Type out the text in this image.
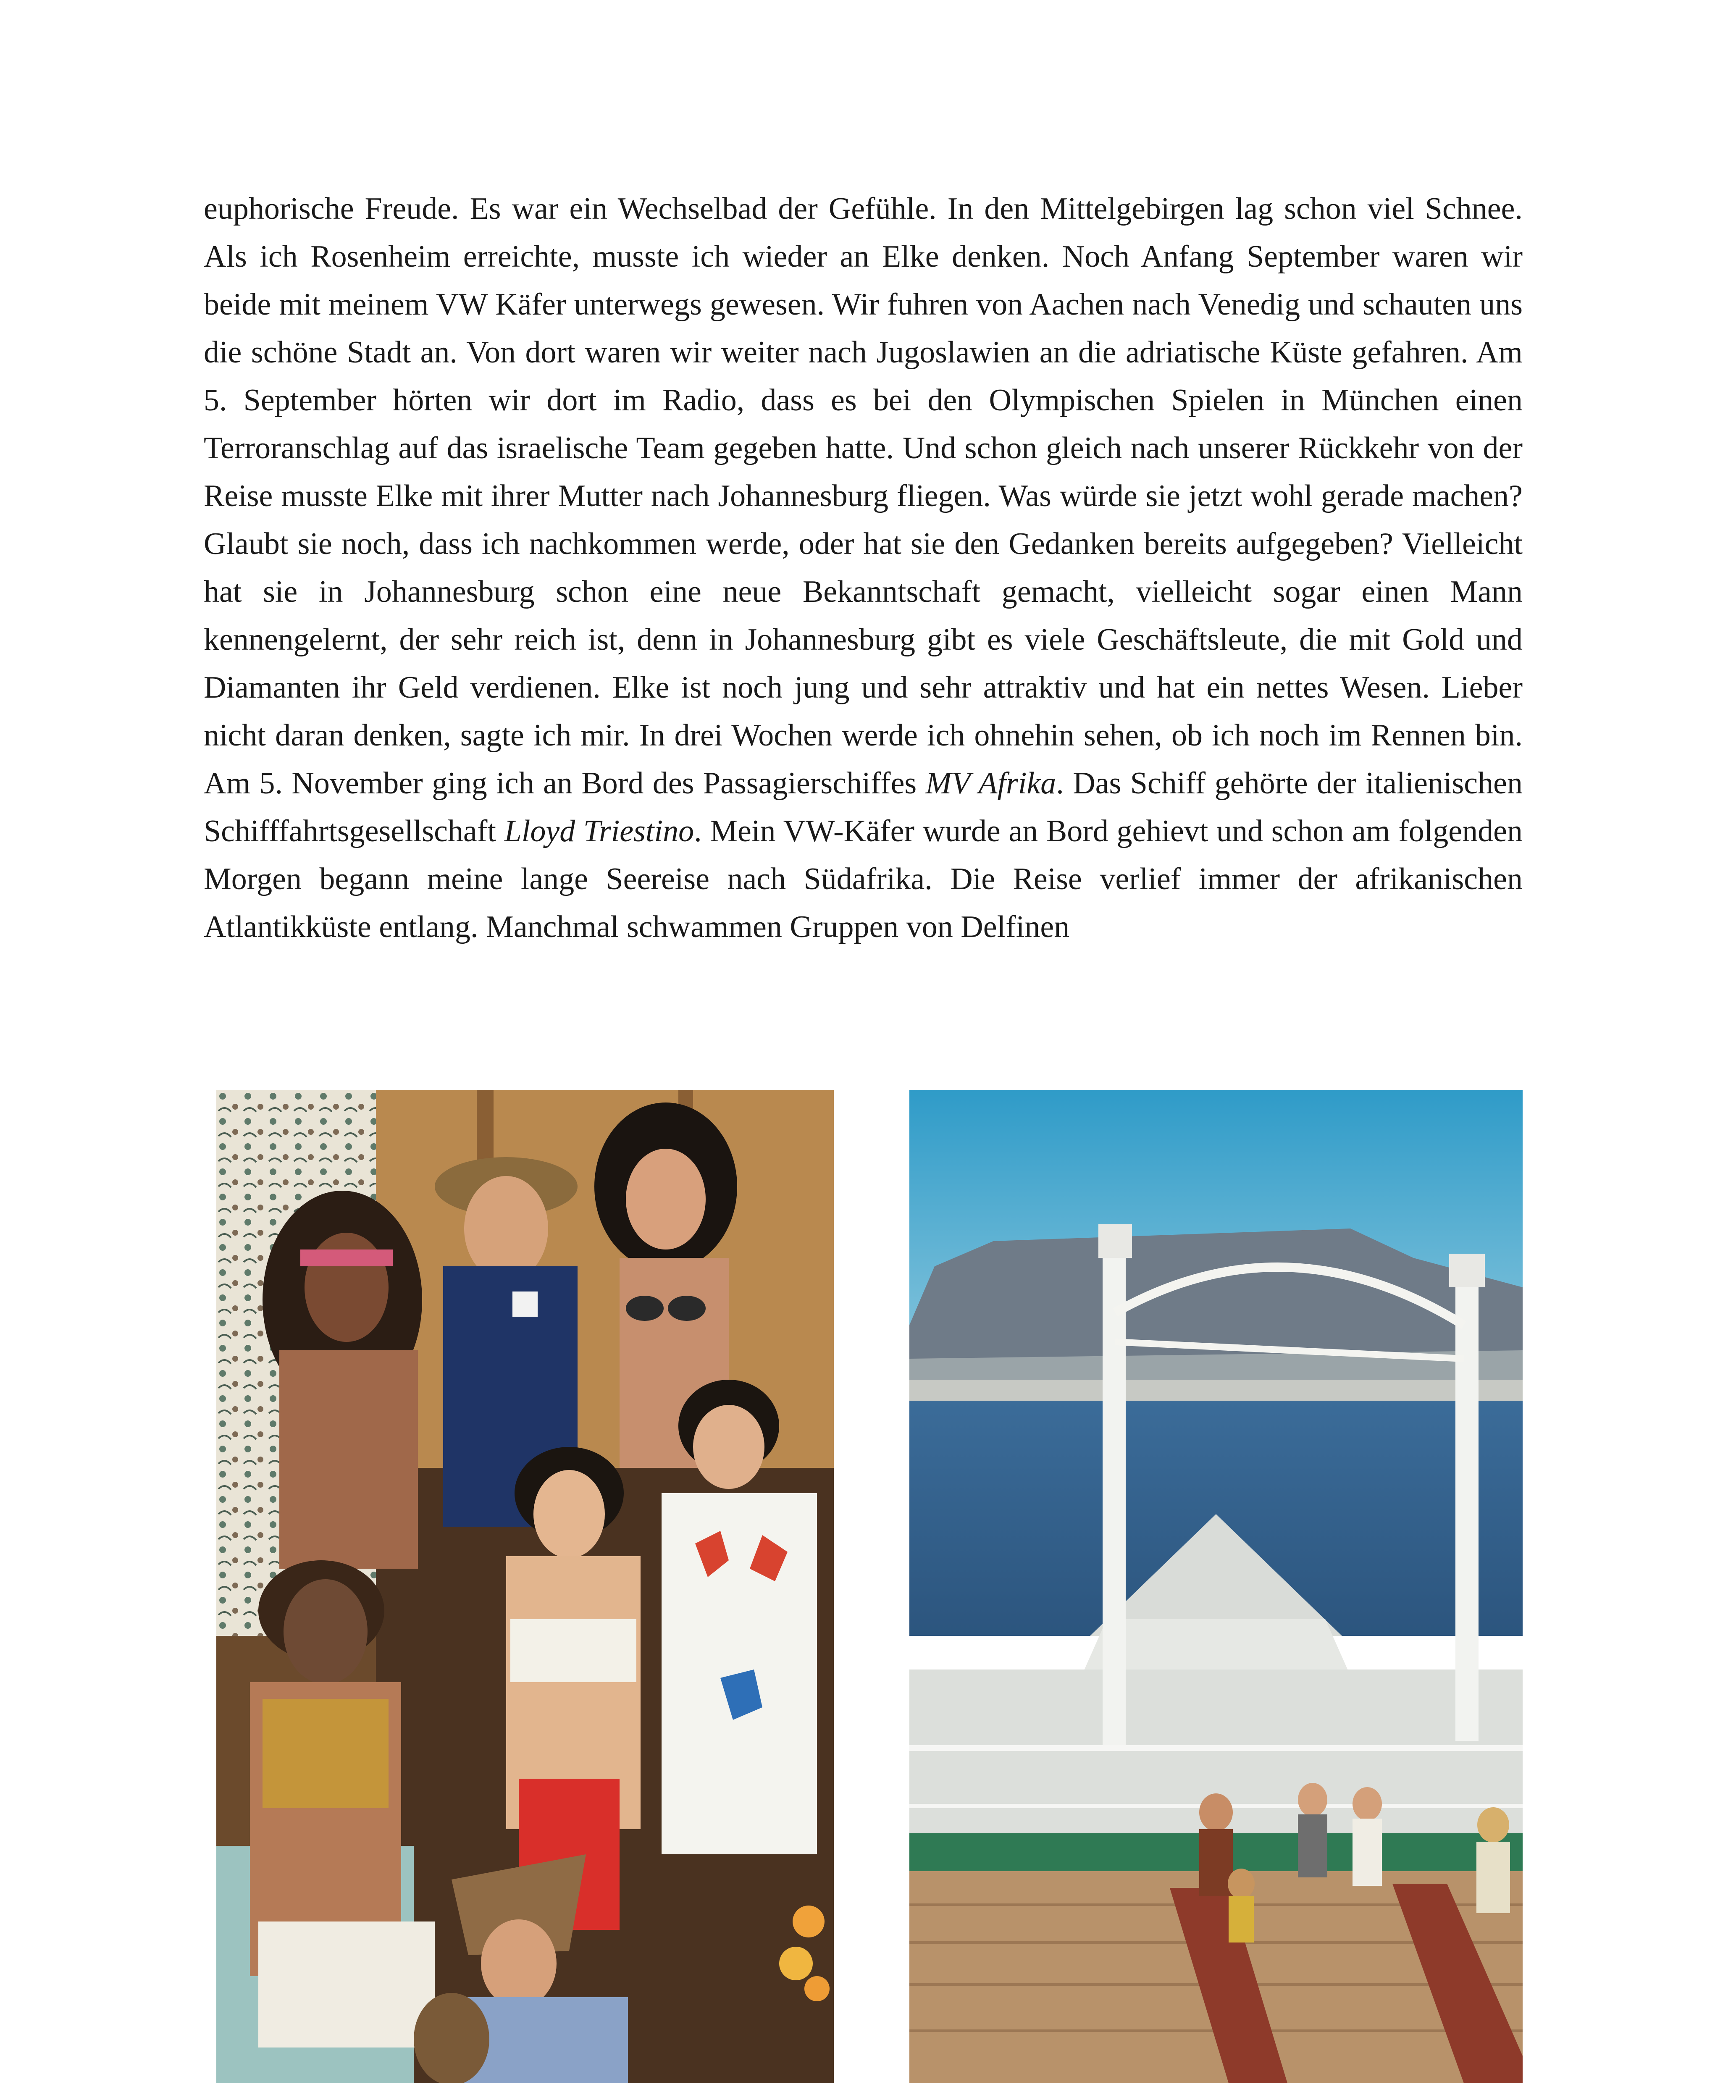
euphorische Freude. Es war ein Wechselbad der Gefühle. In den Mittelgebirgen lag schon viel Schnee. Als ich Rosenheim erreichte, musste ich wieder an Elke denken. Noch Anfang September waren wir beide mit meinem VW Käfer unterwegs gewesen. Wir fuhren von Aachen nach Venedig und schauten uns die schöne Stadt an. Von dort waren wir weiter nach Jugoslawien an die adriatische Küste gefahren. Am 5. September hörten wir dort im Radio, dass es bei den Olympischen Spielen in München einen Terroranschlag auf das israelische Team gegeben hatte. Und schon gleich nach unserer Rückkehr von der Reise musste Elke mit ihrer Mutter nach Johannesburg fliegen. Was würde sie jetzt wohl gerade machen? Glaubt sie noch, dass ich nachkommen werde, oder hat sie den Gedanken bereits aufgegeben? Vielleicht hat sie in Johannesburg schon eine neue Bekanntschaft gemacht, vielleicht sogar einen Mann kennengelernt, der sehr reich ist, denn in Johannesburg gibt es viele Geschäftsleute, die mit Gold und Diamanten ihr Geld verdienen. Elke ist noch jung und sehr attraktiv und hat ein nettes Wesen. Lieber nicht daran denken, sagte ich mir. In drei Wochen werde ich ohnehin sehen, ob ich noch im Rennen bin. Am 5. November ging ich an Bord des Passagierschiffes MV Afrika. Das Schiff gehörte der italienischen Schifffahrtsgesellschaft Lloyd Triestino. Mein VW-Käfer wurde an Bord gehievt und schon am folgenden Morgen begann meine lange Seereise nach Südafrika. Die Reise verlief immer der afrikanischen Atlantikküste entlang. Manchmal schwammen Gruppen von Delfinen
